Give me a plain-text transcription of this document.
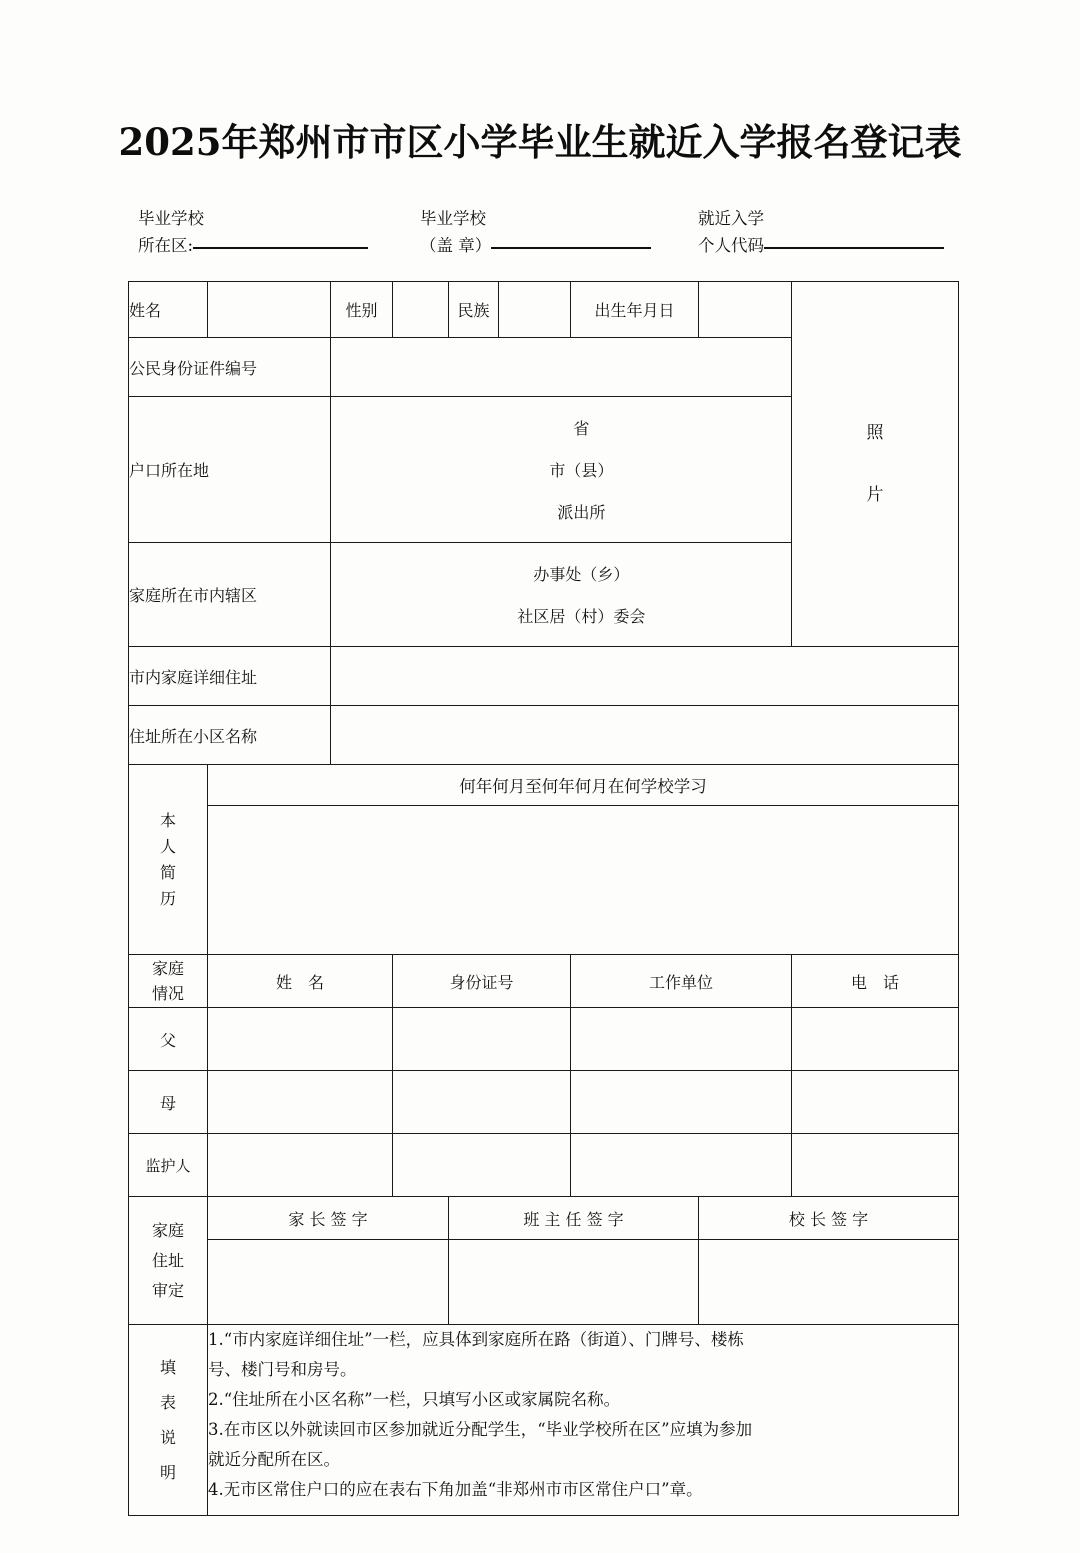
2025年郑州市市区小学毕业生就近入学报名登记表
毕业学校
所在区:
毕业学校
（盖 章）
就近入学
个人代码
姓名		性别		民族		出生年月日		照
片

公民身份证件编号								
户口所在地		省

市（县）

派出所						

家庭所在市内辖区		办事处（乡）

社区居（村）委会						

市内家庭详细住址								
住址所在小区名称								

本
人
简
历	何年何月至何年何月在何学校学习							

家庭
情况	姓　名		身份证号			工作单位		电　话
父								
母								
监护人								

家庭
住址
审定	家 长 签 字			班 主 任 签 字			校 长 签 字	

填
表
说
明

1.“市内家庭详细住址”一栏，应具体到家庭所在路（街道）、门牌号、楼栋

号、楼门号和房号。

2.“住址所在小区名称”一栏，只填写小区或家属院名称。

3.在市区以外就读回市区参加就近分配学生，“毕业学校所在区”应填为参加

就近分配所在区。

4.无市区常住户口的应在表右下角加盖“非郑州市市区常住户口”章。
